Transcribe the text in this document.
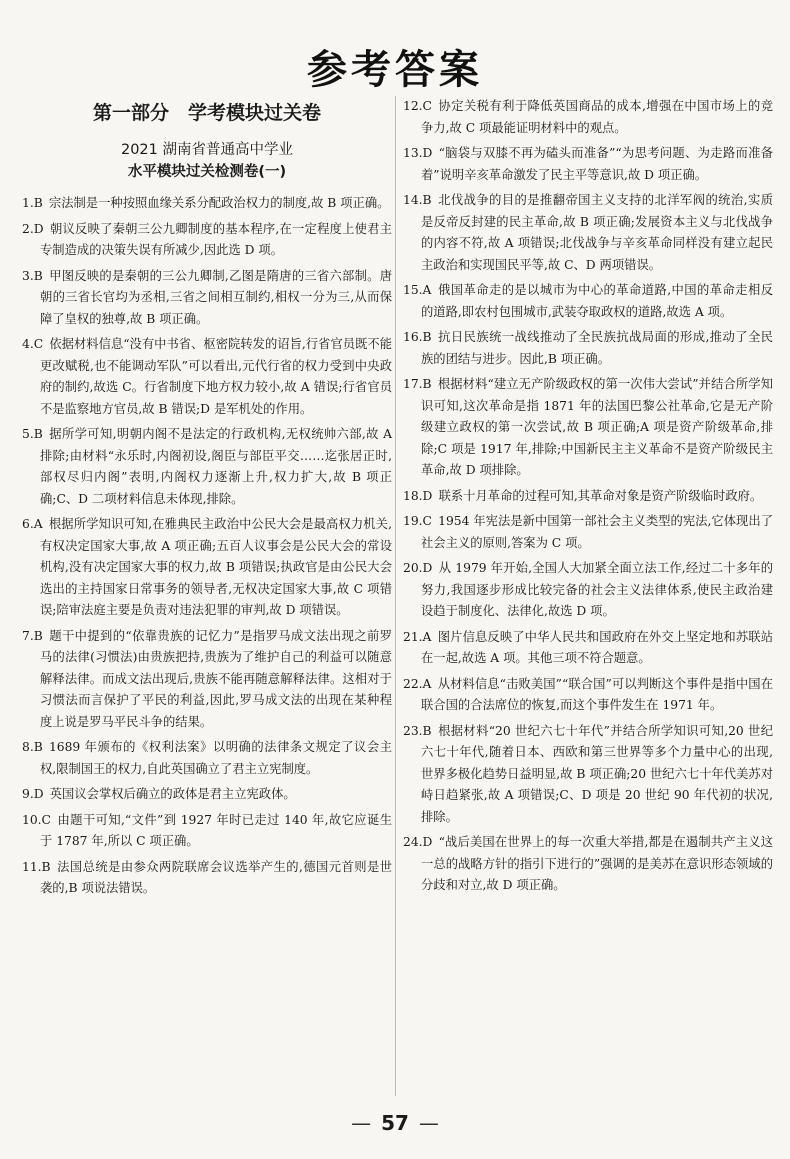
参考答案
第一部分　学考模块过关卷
2021 湖南省普通高中学业
水平模块过关检测卷(一)
1.B  宗法制是一种按照血缘关系分配政治权力的制度,故 B 项正确。
2.D  朝议反映了秦朝三公九卿制度的基本程序,在一定程度上使君主专制造成的决策失误有所减少,因此选 D 项。
3.B  甲图反映的是秦朝的三公九卿制,乙图是隋唐的三省六部制。唐朝的三省长官均为丞相,三省之间相互制约,相权一分为三,从而保障了皇权的独尊,故 B 项正确。
4.C  依据材料信息“没有中书省、枢密院转发的诏旨,行省官员既不能更改赋税,也不能调动军队”可以看出,元代行省的权力受到中央政府的制约,故选 C。行省制度下地方权力较小,故 A 错误;行省官员不是监察地方官员,故 B 错误;D 是军机处的作用。
5.B  据所学可知,明朝内阁不是法定的行政机构,无权统帅六部,故 A 排除;由材料“永乐时,内阁初设,阁臣与部臣平交……迄张居正时,部权尽归内阁”表明,内阁权力逐渐上升,权力扩大,故 B 项正确;C、D 二项材料信息未体现,排除。
6.A  根据所学知识可知,在雅典民主政治中公民大会是最高权力机关,有权决定国家大事,故 A 项正确;五百人议事会是公民大会的常设机构,没有决定国家大事的权力,故 B 项错误;执政官是由公民大会选出的主持国家日常事务的领导者,无权决定国家大事,故 C 项错误;陪审法庭主要是负责对违法犯罪的审判,故 D 项错误。
7.B  题干中提到的“依靠贵族的记忆力”是指罗马成文法出现之前罗马的法律(习惯法)由贵族把持,贵族为了维护自己的利益可以随意解释法律。而成文法出现后,贵族不能再随意解释法律。这相对于习惯法而言保护了平民的利益,因此,罗马成文法的出现在某种程度上说是罗马平民斗争的结果。
8.B  1689 年颁布的《权利法案》以明确的法律条文规定了议会主权,限制国王的权力,自此英国确立了君主立宪制度。
9.D  英国议会掌权后确立的政体是君主立宪政体。
10.C  由题干可知,“文件”到 1927 年时已走过 140 年,故它应诞生于 1787 年,所以 C 项正确。
11.B  法国总统是由参众两院联席会议选举产生的,德国元首则是世袭的,B 项说法错误。
12.C  协定关税有利于降低英国商品的成本,增强在中国市场上的竞争力,故 C 项最能证明材料中的观点。
13.D  “脑袋与双膝不再为磕头而准备”“为思考问题、为走路而准备着”说明辛亥革命激发了民主平等意识,故 D 项正确。
14.B  北伐战争的目的是推翻帝国主义支持的北洋军阀的统治,实质是反帝反封建的民主革命,故 B 项正确;发展资本主义与北伐战争的内容不符,故 A 项错误;北伐战争与辛亥革命同样没有建立起民主政治和实现国民平等,故 C、D 两项错误。
15.A  俄国革命走的是以城市为中心的革命道路,中国的革命走相反的道路,即农村包围城市,武装夺取政权的道路,故选 A 项。
16.B  抗日民族统一战线推动了全民族抗战局面的形成,推动了全民族的团结与进步。因此,B 项正确。
17.B  根据材料“建立无产阶级政权的第一次伟大尝试”并结合所学知识可知,这次革命是指 1871 年的法国巴黎公社革命,它是无产阶级建立政权的第一次尝试,故 B 项正确;A 项是资产阶级革命,排除;C 项是 1917 年,排除;中国新民主主义革命不是资产阶级民主革命,故 D 项排除。
18.D  联系十月革命的过程可知,其革命对象是资产阶级临时政府。
19.C  1954 年宪法是新中国第一部社会主义类型的宪法,它体现出了社会主义的原则,答案为 C 项。
20.D  从 1979 年开始,全国人大加紧全面立法工作,经过二十多年的努力,我国逐步形成比较完备的社会主义法律体系,使民主政治建设趋于制度化、法律化,故选 D 项。
21.A  图片信息反映了中华人民共和国政府在外交上坚定地和苏联站在一起,故选 A 项。其他三项不符合题意。
22.A  从材料信息“击败美国”“联合国”可以判断这个事件是指中国在联合国的合法席位的恢复,而这个事件发生在 1971 年。
23.B  根据材料“20 世纪六七十年代”并结合所学知识可知,20 世纪六七十年代,随着日本、西欧和第三世界等多个力量中心的出现,世界多极化趋势日益明显,故 B 项正确;20 世纪六七十年代美苏对峙日趋紧张,故 A 项错误;C、D 项是 20 世纪 90 年代初的状况,排除。
24.D  “战后美国在世界上的每一次重大举措,都是在遏制共产主义这一总的战略方针的指引下进行的”强调的是美苏在意识形态领域的分歧和对立,故 D 项正确。
— 57 —
